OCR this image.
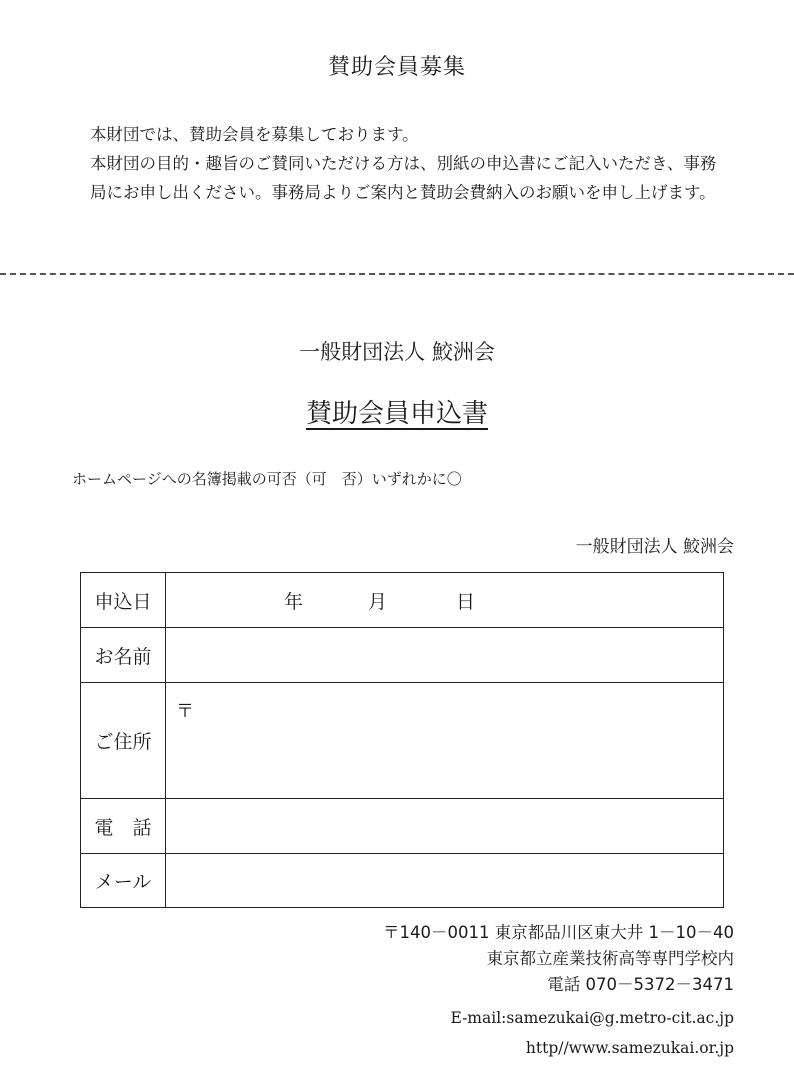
賛助会員募集

本財団では、賛助会員を募集しております。

本財団の目的・趣旨のご賛同いただける方は、別紙の申込書にご記入いただき、事務局にお申し出ください。事務局よりご案内と賛助会費納入のお願いを申し上げます。

一般財団法人 鮫洲会
賛助会員申込書
ホームページへの名簿掲載の可否（可　否）いずれかに〇
一般財団法人 鮫洲会
申込日	年 月 日

お名前	
ご住所	〒

電　話	
メール	
〒140－0011 東京都品川区東大井 1－10－40
東京都立産業技術高等専門学校内
電話 070－5372－3471
E-mail:samezukai@g.metro-cit.ac.jp
http//www.samezukai.or.jp
